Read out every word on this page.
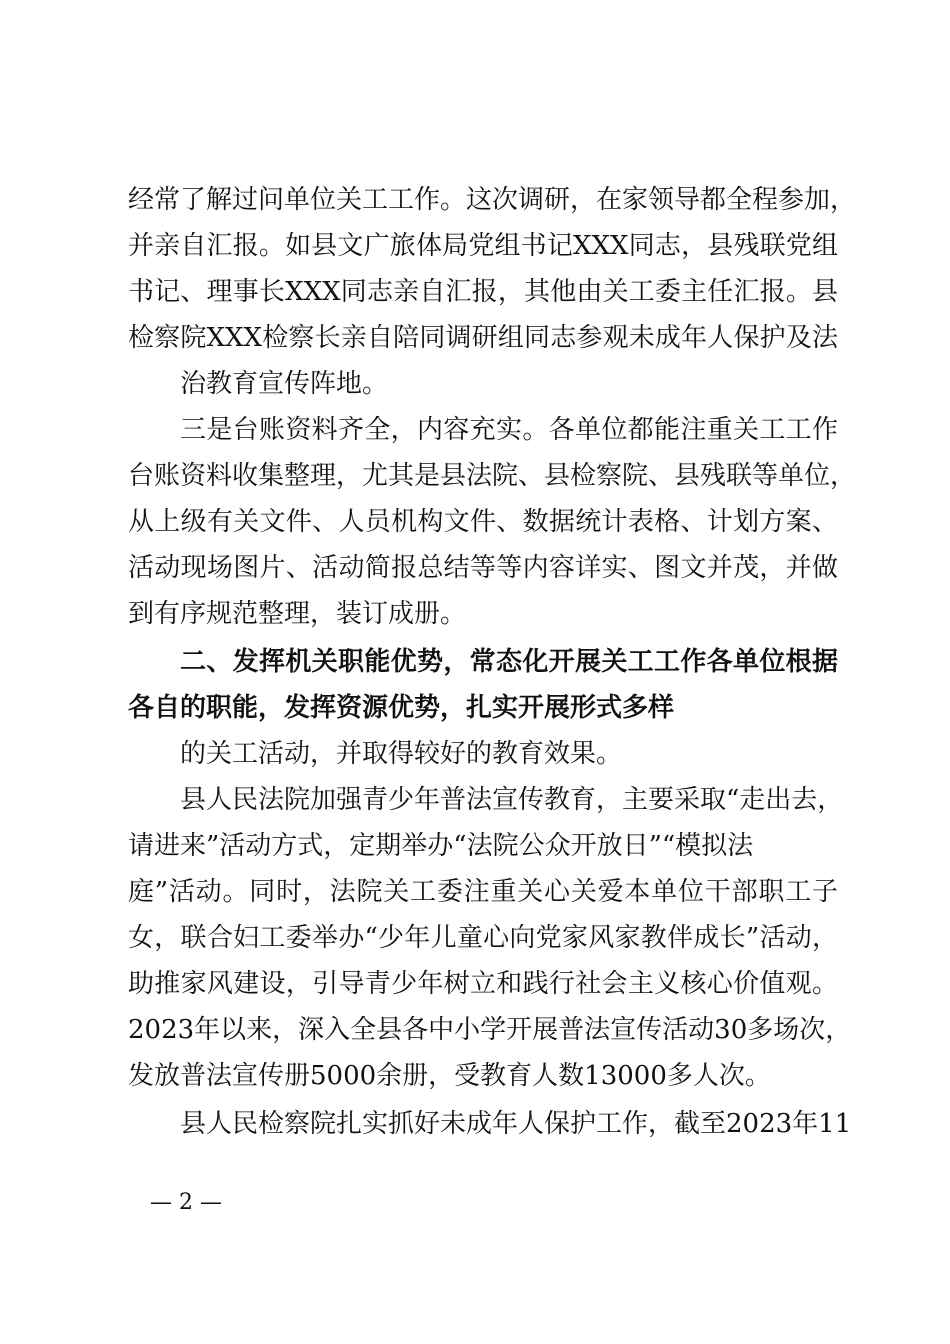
经常了解过问单位关工工作。这次调研，在家领导都全程参加，
并亲自汇报。如县文广旅体局党组书记XXX同志，县残联党组
书记、理事长XXX同志亲自汇报，其他由关工委主任汇报。县
检察院XXX检察长亲自陪同调研组同志参观未成年人保护及法
治教育宣传阵地。
三是台账资料齐全，内容充实。各单位都能注重关工工作
台账资料收集整理，尤其是县法院、县检察院、县残联等单位，
从上级有关文件、人员机构文件、数据统计表格、计划方案、
活动现场图片、活动简报总结等等内容详实、图文并茂，并做
到有序规范整理，装订成册。
二、发挥机关职能优势，常态化开展关工工作各单位根据
各自的职能，发挥资源优势，扎实开展形式多样
的关工活动，并取得较好的教育效果。
县人民法院加强青少年普法宣传教育，主要采取“走出去，
请进来”活动方式，定期举办“法院公众开放日”“模拟法
庭”活动。同时，法院关工委注重关心关爱本单位干部职工子
女，联合妇工委举办“少年儿童心向党家风家教伴成长”活动，
助推家风建设，引导青少年树立和践行社会主义核心价值观。
2023年以来，深入全县各中小学开展普法宣传活动30多场次，
发放普法宣传册5000余册，受教育人数13000多人次。
县人民检察院扎实抓好未成年人保护工作，截至2023年11
— 2 —
